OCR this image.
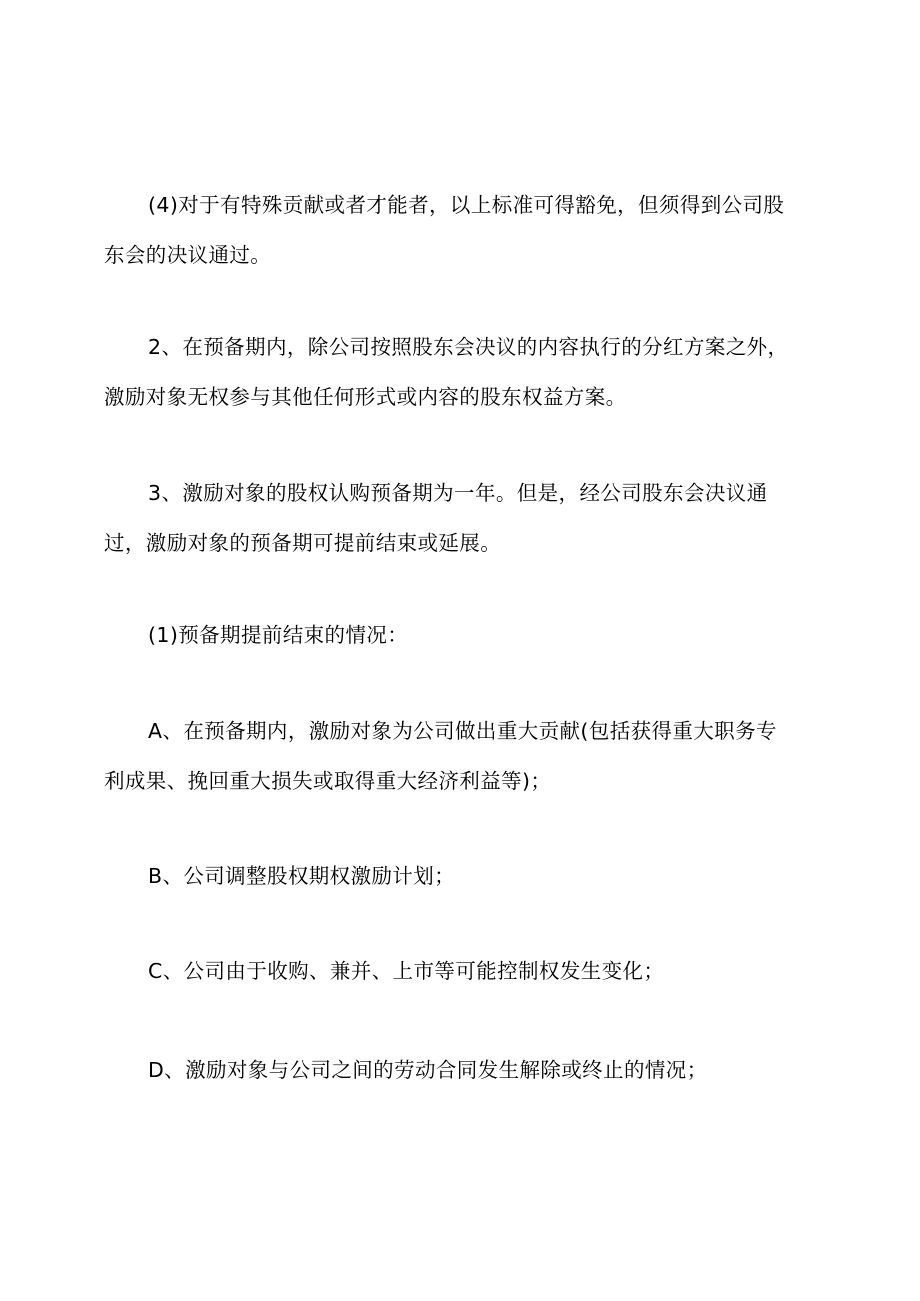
(4)对于有特殊贡献或者才能者，以上标准可得豁免，但须得到公司股
东会的决议通过。
2、在预备期内，除公司按照股东会决议的内容执行的分红方案之外，
激励对象无权参与其他任何形式或内容的股东权益方案。
3、激励对象的股权认购预备期为一年。但是，经公司股东会决议通
过，激励对象的预备期可提前结束或延展。
(1)预备期提前结束的情况：
A、在预备期内，激励对象为公司做出重大贡献(包括获得重大职务专
利成果、挽回重大损失或取得重大经济利益等)；
B、公司调整股权期权激励计划；
C、公司由于收购、兼并、上市等可能控制权发生变化；
D、激励对象与公司之间的劳动合同发生解除或终止的情况；
